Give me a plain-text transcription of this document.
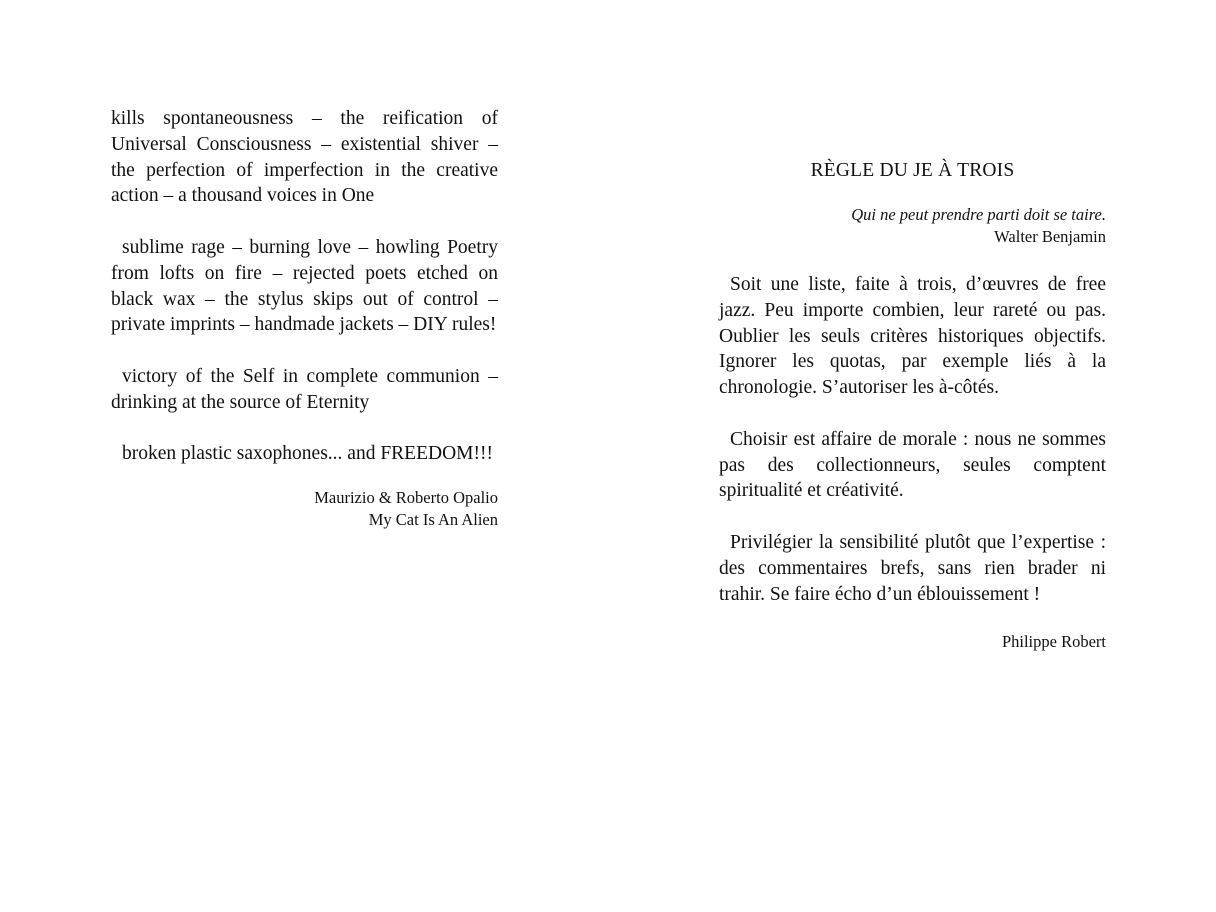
kills spontaneousness – the reification of Universal Consciousness – existential shiver – the perfection of imperfection in the creative action – a thousand voices in One

sublime rage – burning love – howling Poetry from lofts on fire – rejected poets etched on black wax – the stylus skips out of control – private imprints – handmade jackets – DIY rules!

victory of the Self in complete communion – drinking at the source of Eternity

broken plastic saxophones... and FREEDOM!!!

Maurizio & Roberto Opalio
My Cat Is An Alien
RÈGLE DU JE À TROIS
Qui ne peut prendre parti doit se taire.
Walter Benjamin

Soit une liste, faite à trois, d’œuvres de free jazz. Peu importe combien, leur rareté ou pas. Oublier les seuls critères historiques objectifs. Ignorer les quotas, par exemple liés à la chronologie. S’autoriser les à-côtés.

Choisir est affaire de morale : nous ne sommes pas des collectionneurs, seules comptent spiritualité et créativité.

Privilégier la sensibilité plutôt que l’expertise : des commentaires brefs, sans rien brader ni trahir. Se faire écho d’un éblouissement !

Philippe Robert
